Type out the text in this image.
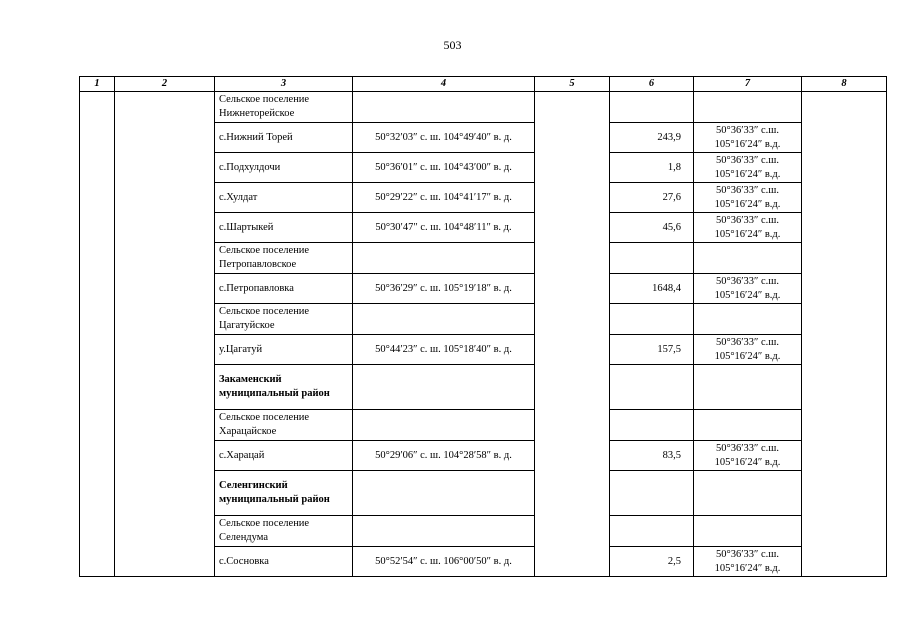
503
1	2	3	4	5	6	7	8
		Сельское поселение Нижнеторейское				

		с.Нижний Торей	50°32′03″ с. ш. 104°49′40″ в. д.		243,9	50°36′33″ с.ш.
105°16′24″ в.д.	

		с.Подхулдочи	50°36′01″ с. ш. 104°43′00″ в. д.		1,8	50°36′33″ с.ш.
105°16′24″ в.д.	

		с.Хулдат	50°29′22″ с. ш. 104°41′17″ в. д.		27,6	50°36′33″ с.ш.
105°16′24″ в.д.	

		с.Шартыкей	50°30′47″ с. ш. 104°48′11″ в. д.		45,6	50°36′33″ с.ш.
105°16′24″ в.д.	

		Сельское поселение Петропавловское					

		с.Петропавловка	50°36′29″ с. ш. 105°19′18″ в. д.		1648,4	50°36′33″ с.ш.
105°16′24″ в.д.	

		Сельское поселение Цагатуйское					

		у.Цагатуй	50°44′23″ с. ш. 105°18′40″ в. д.		157,5	50°36′33″ с.ш.
105°16′24″ в.д.	

		Закаменский муниципальный район					

		Сельское поселение Харацайское					

		с.Харацай	50°29′06″ с. ш. 104°28′58″ в. д.		83,5	50°36′33″ с.ш.
105°16′24″ в.д.	

		Селенгинский муниципальный район					

		Сельское поселение Селендума					

		с.Сосновка	50°52′54″ с. ш. 106°00′50″ в. д.		2,5	50°36′33″ с.ш.
105°16′24″ в.д.	
